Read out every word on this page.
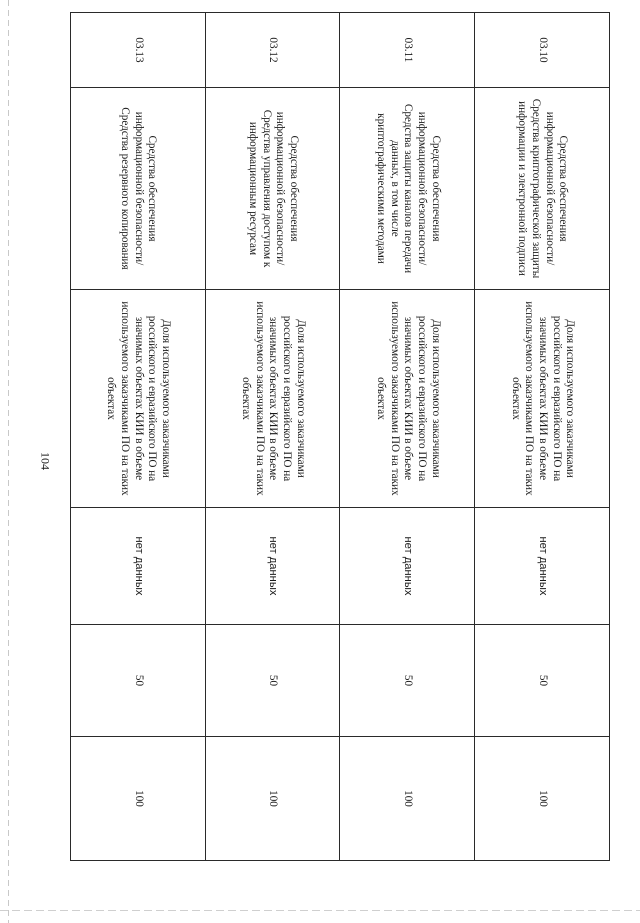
104
03.10	Средства обеспечения информационной безопасности/Средства криптографической защиты информации и электронной подписи	Доля используемого заказчиками российского и евразийского ПО на значимых объектах КИИ в объеме используемого заказчиками ПО на таких объектах	нет данных	50	100
03.11	Средства обеспечения информационной безопасности/Средства защиты каналов передачи данных, в том числе криптографическими методами	Доля используемого заказчиками российского и евразийского ПО на значимых объектах КИИ в объеме используемого заказчиками ПО на таких объектах	нет данных	50	100
03.12	Средства обеспечения информационной безопасности/ Средства управления доступом к информационным ресурсам	Доля используемого заказчиками российского и евразийского ПО на значимых объектах КИИ в объеме используемого заказчиками ПО на таких объектах	нет данных	50	100
03.13	Средства обеспечения информационной безопасности/Средства резервного копирования	Доля используемого заказчиками российского и евразийского ПО на значимых объектах КИИ в объеме используемого заказчиками ПО на таких объектах	нет данных	50	100
